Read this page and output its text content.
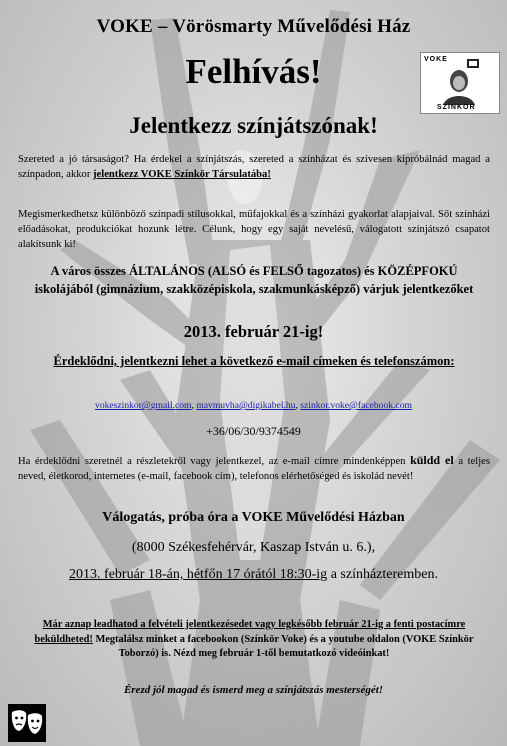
VOKE – Vörösmarty Művelődési Ház
VOKE
SZÍNKÖR
Felhívás!
Jelentkezz színjátszónak!
Szereted a jó társaságot? Ha érdekel a színjátszás, szereted a színházat és szívesen kipróbálnád magad a színpadon, akkor jelentkezz VOKE Színkör Társulatába!
Megismerkedhetsz különböző színpadi stílusokkal, műfajokkal és a színházi gyakorlat alapjaival. Sőt színházi előadásokat, produkciókat hozunk létre. Célunk, hogy egy saját nevelésű, válogatott színjátszó csapatot alakítsunk ki!
A város összes ÁLTALÁNOS (ALSÓ és FELSŐ tagozatos) és KÖZÉPFOKÚ iskolájából (gimnázium, szakközépiskola, szakmunkásképző) várjuk jelentkezőket
2013. február 21-ig!
Érdeklődni, jelentkezni lehet a következő e-mail címeken és telefonszámon:
vokeszinkor@gmail.com, mavmuvha@digikabel.hu, szinkor.voke@facebook.com
+36/06/30/9374549
Ha érdeklődni szeretnél a részletekről vagy jelentkezel, az e-mail címre mindenképpen küldd el a teljes neved, életkorod, internetes (e-mail, facebook cím), telefonos elérhetőséged és iskolád nevét!
Válogatás, próba óra a VOKE Művelődési Házban
(8000 Székesfehérvár, Kaszap István u. 6.),
2013. február 18-án, hétfőn 17 órától 18:30-ig a színházteremben.
Már aznap leadhatod a felvételi jelentkezésedet vagy legkésőbb február 21-ig a fenti postacímre beküldheted! Megtalálsz minket a facebookon (Színkör Voke) és a youtube oldalon (VOKE Színkör Toborzó) is. Nézd meg február 1-től bemutatkozó videóinkat!
Érezd jól magad és ismerd meg a színjátszás mesterségét!
